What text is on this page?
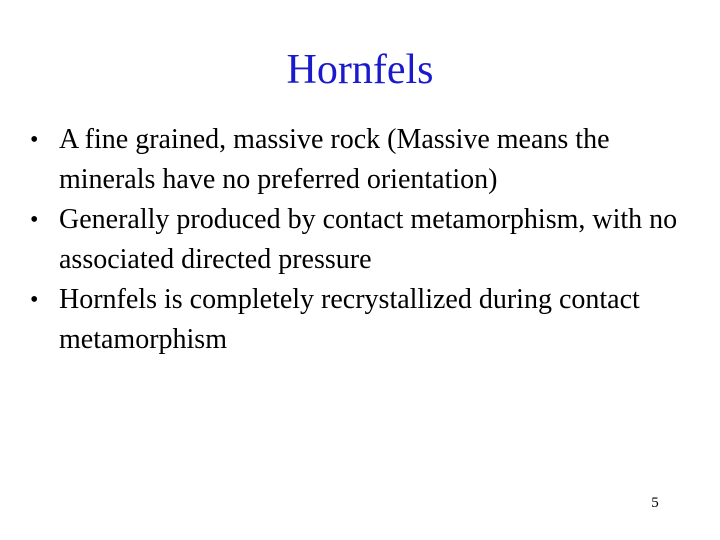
Hornfels
• A fine grained, massive rock (Massive means the minerals have no preferred orientation)
• Generally produced by contact metamorphism, with no associated directed pressure
• Hornfels is completely recrystallized during contact metamorphism
5
